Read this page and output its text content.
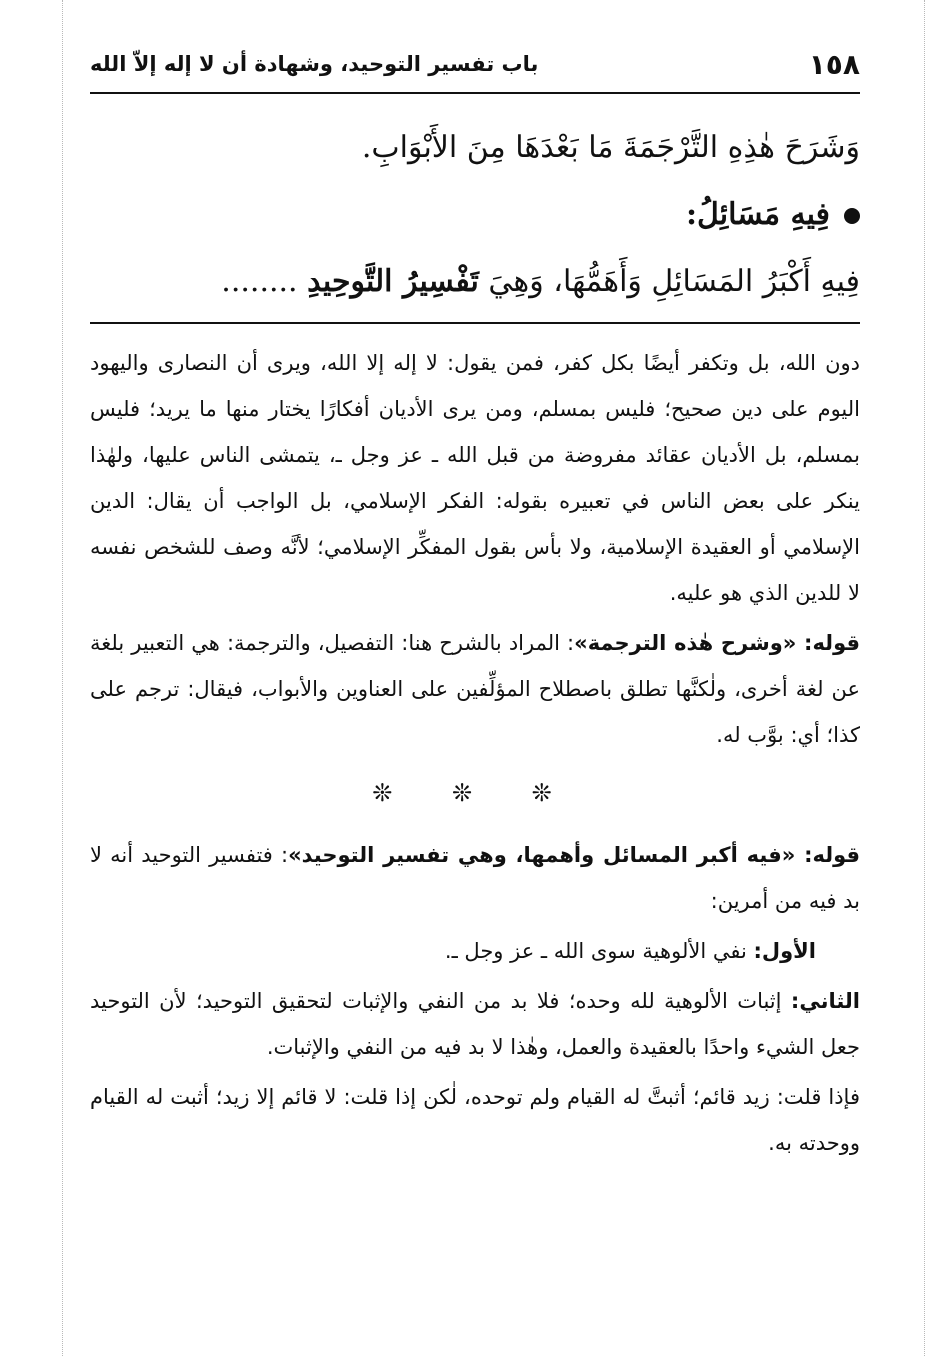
١٥٨
باب تفسير التوحيد، وشهادة أن لا إله إلاّ الله

وَشَرَحَ هٰذِهِ التَّرْجَمَةَ مَا بَعْدَهَا مِنَ الأَبْوَابِ.

فِيهِ مَسَائِلُ:

فِيهِ أَكْبَرُ المَسَائِلِ وَأَهَمُّهَا، وَهِيَ تَفْسِيرُ التَّوحِيدِ ........

دون الله، بل وتكفر أيضًا بكل كفر، فمن يقول: لا إله إلا الله، ويرى أن النصارى واليهود اليوم على دين صحيح؛ فليس بمسلم، ومن يرى الأديان أفكارًا يختار منها ما يريد؛ فليس بمسلم، بل الأديان عقائد مفروضة من قبل الله ـ عز وجل ـ، يتمشى الناس عليها، ولهٰذا ينكر على بعض الناس في تعبيره بقوله: الفكر الإسلامي، بل الواجب أن يقال: الدين الإسلامي أو العقيدة الإسلامية، ولا بأس بقول المفكِّر الإسلامي؛ لأنَّه وصف للشخص نفسه لا للدين الذي هو عليه.

قوله: «وشرح هٰذه الترجمة»: المراد بالشرح هنا: التفصيل، والترجمة: هي التعبير بلغة عن لغة أخرى، ولٰكنَّها تطلق باصطلاح المؤلِّفين على العناوين والأبواب، فيقال: ترجم على كذا؛ أي: بوَّب له.

❊ ❊ ❊

قوله: «فيه أكبر المسائل وأهمها، وهي تفسير التوحيد»: فتفسير التوحيد أنه لا بد فيه من أمرين:

الأول: نفي الألوهية سوى الله ـ عز وجل ـ.

الثاني: إثبات الألوهية لله وحده؛ فلا بد من النفي والإثبات لتحقيق التوحيد؛ لأن التوحيد جعل الشيء واحدًا بالعقيدة والعمل، وهٰذا لا بد فيه من النفي والإثبات.

فإذا قلت: زيد قائم؛ أثبتَّ له القيام ولم توحده، لٰكن إذا قلت: لا قائم إلا زيد؛ أثبت له القيام ووحدته به.
